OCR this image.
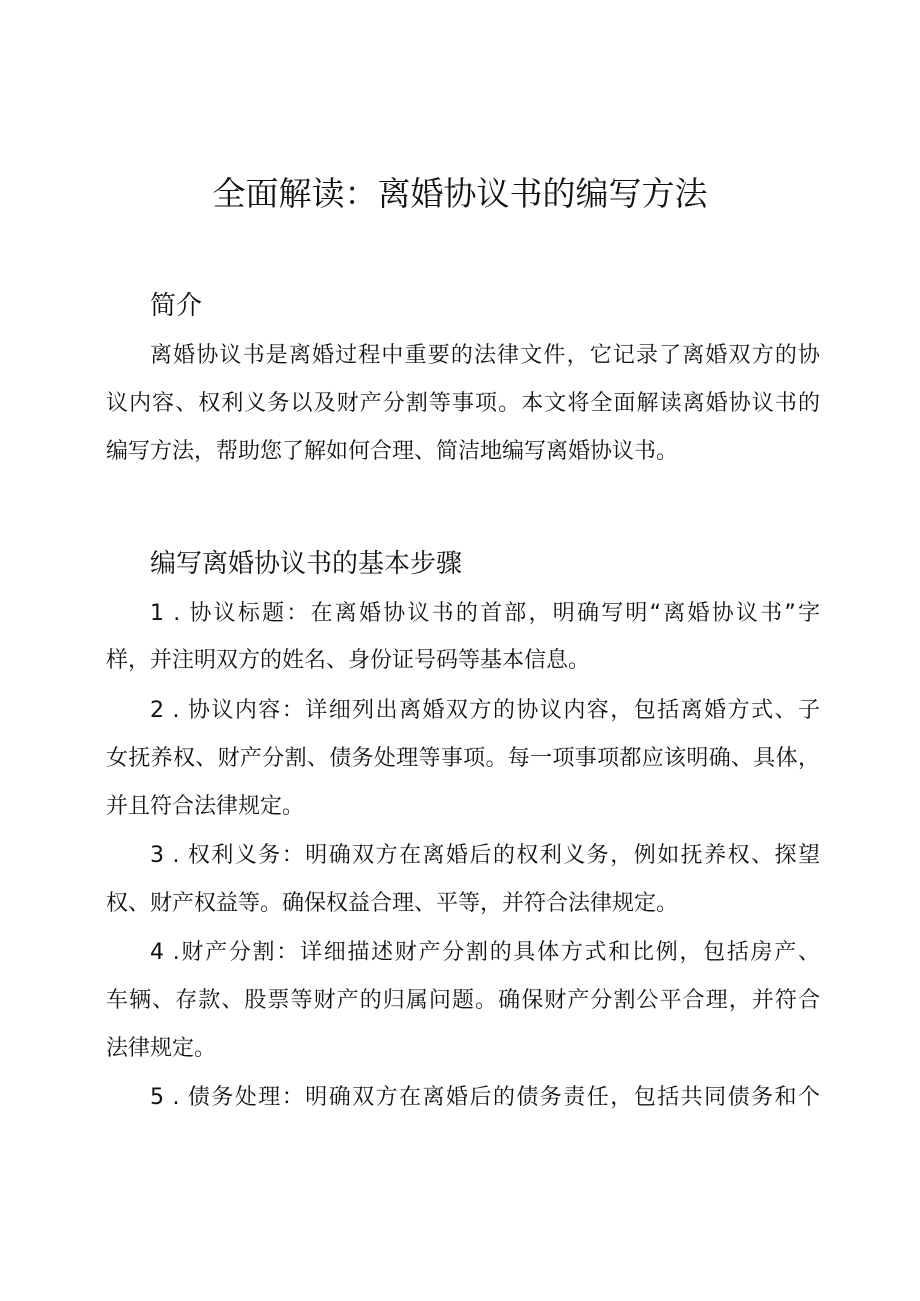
全面解读：离婚协议书的编写方法
简介

离婚协议书是离婚过程中重要的法律文件，它记录了离婚双方的协

议内容、权利义务以及财产分割等事项。本文将全面解读离婚协议书的

编写方法，帮助您了解如何合理、简洁地编写离婚协议书。

编写离婚协议书的基本步骤

1 . 协议标题：在离婚协议书的首部，明确写明“离婚协议书”字

样，并注明双方的姓名、身份证号码等基本信息。

2 . 协议内容：详细列出离婚双方的协议内容，包括离婚方式、子

女抚养权、财产分割、债务处理等事项。每一项事项都应该明确、具体，

并且符合法律规定。

3 . 权利义务：明确双方在离婚后的权利义务，例如抚养权、探望

权、财产权益等。确保权益合理、平等，并符合法律规定。

4 .财产分割：详细描述财产分割的具体方式和比例，包括房产、

车辆、存款、股票等财产的归属问题。确保财产分割公平合理，并符合

法律规定。

5 . 债务处理：明确双方在离婚后的债务责任，包括共同债务和个
